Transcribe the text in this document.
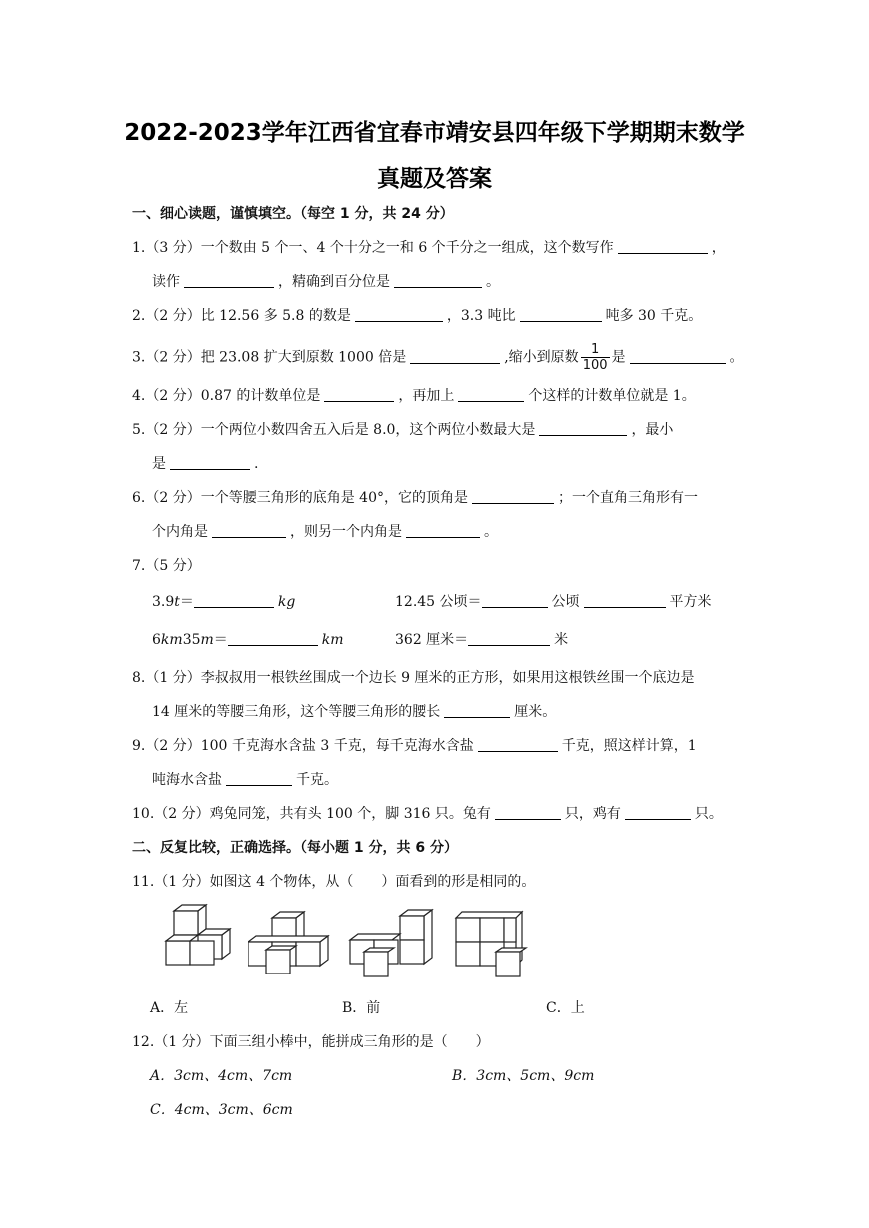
2022-2023学年江西省宜春市靖安县四年级下学期期末数学
真题及答案
一、细心读题，谨慎填空。（每空 1 分，共 24 分）
1.（3 分）一个数由 5 个一、4 个十分之一和 6 个千分之一组成，这个数写作	，
读作	，精确到百分位是	。
2.（2 分）比 12.56 多 5.8 的数是	，3.3 吨比	吨多 30 千克。
3.（2 分）把 23.08 扩大到原数 1000 倍是	,缩小到原数 $\frac{1}{100}$ 是	。
4.（2 分）0.87 的计数单位是	，再加上	个这样的计数单位就是 1。
5.（2 分）一个两位小数四舍五入后是 8.0，这个两位小数最大是	，最小
是	.
6.（2 分）一个等腰三角形的底角是 40°，它的顶角是	；一个直角三角形有一
个内角是	，则另一个内角是	。
7.（5 分）
3.9t＝	kg	12.45 公顷＝	公顷	平方米
6km35m＝	km	362 厘米＝	米
8.（1 分）李叔叔用一根铁丝围成一个边长 9 厘米的正方形，如果用这根铁丝围一个底边是
14 厘米的等腰三角形，这个等腰三角形的腰长	厘米。
9.（2 分）100 千克海水含盐 3 千克，每千克海水含盐	千克，照这样计算，1
吨海水含盐	千克。
10.（2 分）鸡兔同笼，共有头 100 个，脚 316 只。兔有	只，鸡有	只。
二、反复比较，正确选择。（每小题 1 分，共 6 分）
11.（1 分）如图这 4 个物体，从（　　）面看到的形是相同的。
A．左	B．前	C．上
12.（1 分）下面三组小棒中，能拼成三角形的是（　　）
A．3cm、4cm、7cm	B．3cm、5cm、9cm
C．4cm、3cm、6cm
